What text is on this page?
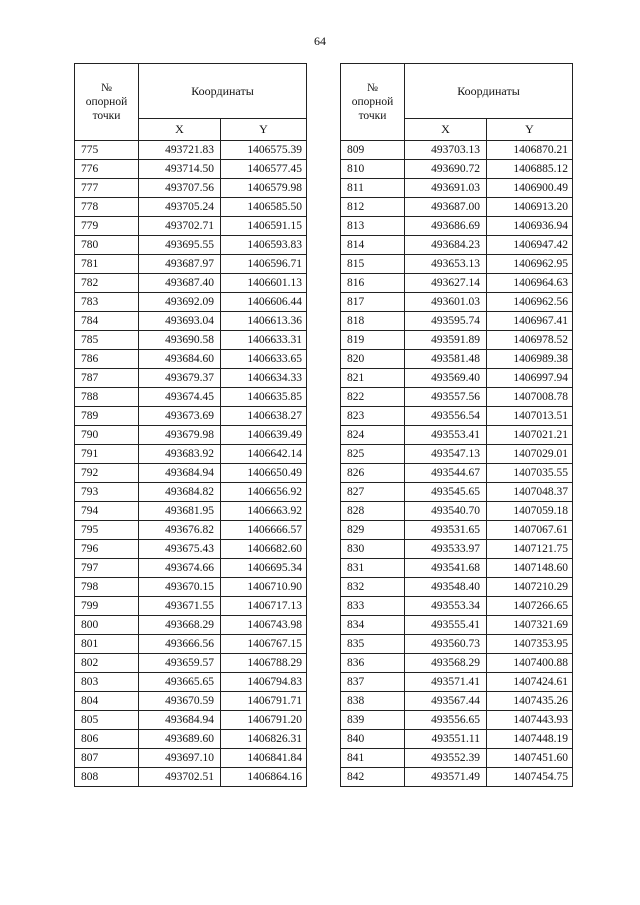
64
№
опорной
точки	Координаты	
	X	Y
775	493721.83	1406575.39
776	493714.50	1406577.45
777	493707.56	1406579.98
778	493705.24	1406585.50
779	493702.71	1406591.15
780	493695.55	1406593.83
781	493687.97	1406596.71
782	493687.40	1406601.13
783	493692.09	1406606.44
784	493693.04	1406613.36
785	493690.58	1406633.31
786	493684.60	1406633.65
787	493679.37	1406634.33
788	493674.45	1406635.85
789	493673.69	1406638.27
790	493679.98	1406639.49
791	493683.92	1406642.14
792	493684.94	1406650.49
793	493684.82	1406656.92
794	493681.95	1406663.92
795	493676.82	1406666.57
796	493675.43	1406682.60
797	493674.66	1406695.34
798	493670.15	1406710.90
799	493671.55	1406717.13
800	493668.29	1406743.98
801	493666.56	1406767.15
802	493659.57	1406788.29
803	493665.65	1406794.83
804	493670.59	1406791.71
805	493684.94	1406791.20
806	493689.60	1406826.31
807	493697.10	1406841.84
808	493702.51	1406864.16
№
опорной
точки	Координаты	
	X	Y
809	493703.13	1406870.21
810	493690.72	1406885.12
811	493691.03	1406900.49
812	493687.00	1406913.20
813	493686.69	1406936.94
814	493684.23	1406947.42
815	493653.13	1406962.95
816	493627.14	1406964.63
817	493601.03	1406962.56
818	493595.74	1406967.41
819	493591.89	1406978.52
820	493581.48	1406989.38
821	493569.40	1406997.94
822	493557.56	1407008.78
823	493556.54	1407013.51
824	493553.41	1407021.21
825	493547.13	1407029.01
826	493544.67	1407035.55
827	493545.65	1407048.37
828	493540.70	1407059.18
829	493531.65	1407067.61
830	493533.97	1407121.75
831	493541.68	1407148.60
832	493548.40	1407210.29
833	493553.34	1407266.65
834	493555.41	1407321.69
835	493560.73	1407353.95
836	493568.29	1407400.88
837	493571.41	1407424.61
838	493567.44	1407435.26
839	493556.65	1407443.93
840	493551.11	1407448.19
841	493552.39	1407451.60
842	493571.49	1407454.75
